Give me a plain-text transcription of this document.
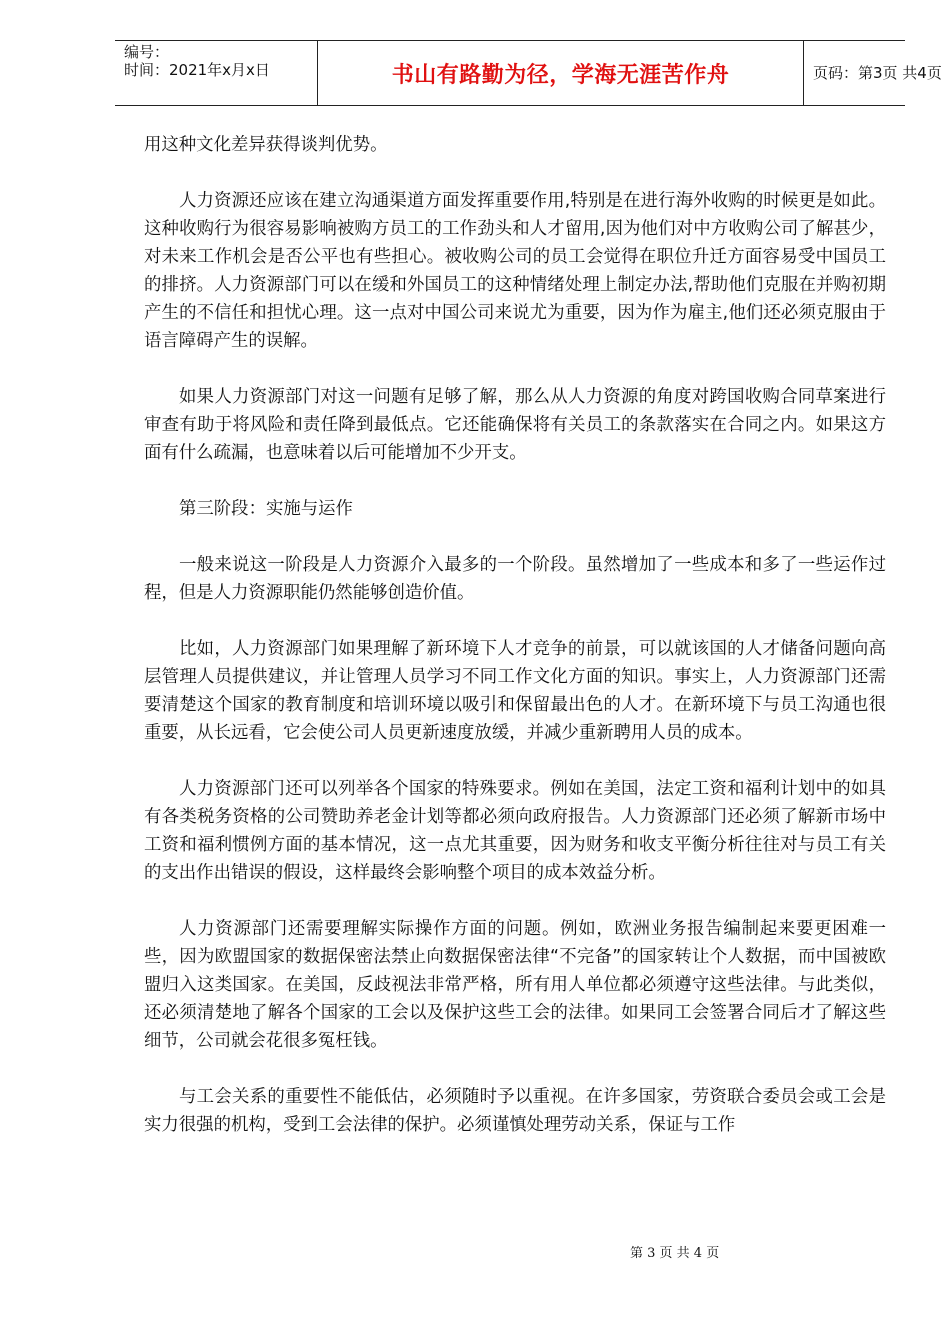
编号：
时间：2021年x月x日	书山有路勤为径，学海无涯苦作舟	页码：第3页 共4页

用这种文化差异获得谈判优势。

人力资源还应该在建立沟通渠道方面发挥重要作用,特别是在进行海外收购的时候更是如此。这种收购行为很容易影响被购方员工的工作劲头和人才留用,因为他们对中方收购公司了解甚少，对未来工作机会是否公平也有些担心。被收购公司的员工会觉得在职位升迁方面容易受中国员工的排挤。人力资源部门可以在缓和外国员工的这种情绪处理上制定办法,帮助他们克服在并购初期产生的不信任和担忧心理。这一点对中国公司来说尤为重要，因为作为雇主,他们还必须克服由于语言障碍产生的误解。

如果人力资源部门对这一问题有足够了解，那么从人力资源的角度对跨国收购合同草案进行审查有助于将风险和责任降到最低点。它还能确保将有关员工的条款落实在合同之内。如果这方面有什么疏漏，也意味着以后可能增加不少开支。

第三阶段：实施与运作

一般来说这一阶段是人力资源介入最多的一个阶段。虽然增加了一些成本和多了一些运作过程，但是人力资源职能仍然能够创造价值。

比如，人力资源部门如果理解了新环境下人才竞争的前景，可以就该国的人才储备问题向高层管理人员提供建议，并让管理人员学习不同工作文化方面的知识。事实上，人力资源部门还需要清楚这个国家的教育制度和培训环境以吸引和保留最出色的人才。在新环境下与员工沟通也很重要，从长远看，它会使公司人员更新速度放缓，并减少重新聘用人员的成本。

人力资源部门还可以列举各个国家的特殊要求。例如在美国，法定工资和福利计划中的如具有各类税务资格的公司赞助养老金计划等都必须向政府报告。人力资源部门还必须了解新市场中工资和福利惯例方面的基本情况，这一点尤其重要，因为财务和收支平衡分析往往对与员工有关的支出作出错误的假设，这样最终会影响整个项目的成本效益分析。

人力资源部门还需要理解实际操作方面的问题。例如，欧洲业务报告编制起来要更困难一些，因为欧盟国家的数据保密法禁止向数据保密法律“不完备”的国家转让个人数据，而中国被欧盟归入这类国家。在美国，反歧视法非常严格，所有用人单位都必须遵守这些法律。与此类似，还必须清楚地了解各个国家的工会以及保护这些工会的法律。如果同工会签署合同后才了解这些细节，公司就会花很多冤枉钱。

与工会关系的重要性不能低估，必须随时予以重视。在许多国家，劳资联合委员会或工会是实力很强的机构，受到工会法律的保护。必须谨慎处理劳动关系，保证与工作

第 3 页 共 4 页
